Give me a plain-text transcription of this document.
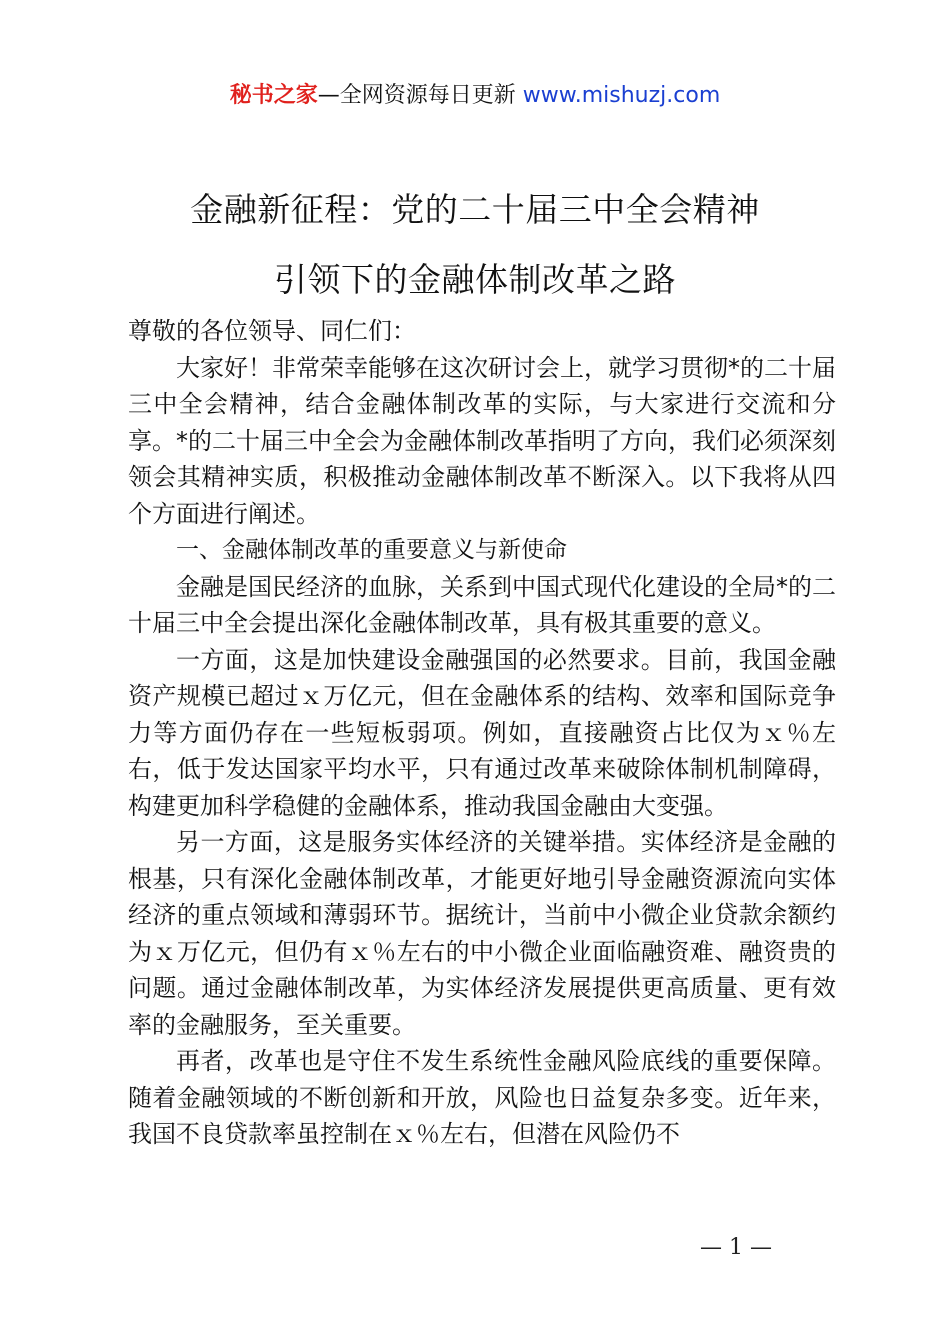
秘书之家—全网资源每日更新 www.mishuzj.com
金融新征程：党的二十届三中全会精神
引领下的金融体制改革之路

尊敬的各位领导、同仁们：

大家好！非常荣幸能够在这次研讨会上，就学习贯彻*的二十届三中全会精神，结合金融体制改革的实际，与大家进行交流和分享。*的二十届三中全会为金融体制改革指明了方向，我们必须深刻领会其精神实质，积极推动金融体制改革不断深入。以下我将从四个方面进行阐述。

一、金融体制改革的重要意义与新使命

金融是国民经济的血脉，关系到中国式现代化建设的全局*的二十届三中全会提出深化金融体制改革，具有极其重要的意义。

一方面，这是加快建设金融强国的必然要求。目前，我国金融资产规模已超过ｘ万亿元，但在金融体系的结构、效率和国际竞争力等方面仍存在一些短板弱项。例如，直接融资占比仅为ｘ％左右，低于发达国家平均水平，只有通过改革来破除体制机制障碍，构建更加科学稳健的金融体系，推动我国金融由大变强。

另一方面，这是服务实体经济的关键举措。实体经济是金融的根基，只有深化金融体制改革，才能更好地引导金融资源流向实体经济的重点领域和薄弱环节。据统计，当前中小微企业贷款余额约为ｘ万亿元，但仍有ｘ％左右的中小微企业面临融资难、融资贵的问题。通过金融体制改革，为实体经济发展提供更高质量、更有效率的金融服务，至关重要。

再者，改革也是守住不发生系统性金融风险底线的重要保障。随着金融领域的不断创新和开放，风险也日益复杂多变。近年来，我国不良贷款率虽控制在ｘ％左右，但潜在风险仍不

— 1 —
